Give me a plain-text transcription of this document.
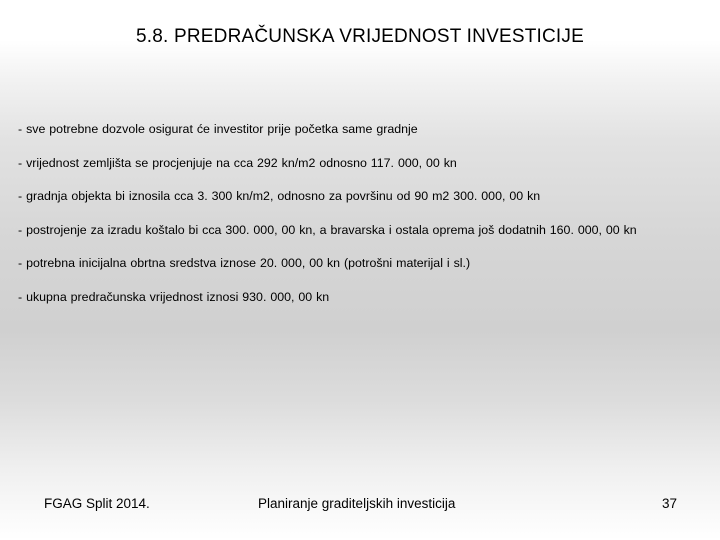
5.8. PREDRAČUNSKA VRIJEDNOST INVESTICIJE
- sve potrebne dozvole osigurat će investitor prije početka same gradnje
- vrijednost zemljišta se procjenjuje na cca 292 kn/m2 odnosno 117. 000, 00 kn
- gradnja objekta bi iznosila cca 3. 300 kn/m2, odnosno za površinu od 90 m2 300. 000, 00 kn
- postrojenje za izradu koštalo bi cca 300. 000, 00 kn, a bravarska i ostala oprema još dodatnih 160. 000, 00 kn
- potrebna inicijalna obrtna sredstva iznose 20. 000, 00 kn (potrošni materijal i sl.)
- ukupna predračunska vrijednost iznosi 930. 000, 00 kn
FGAG Split 2014.	Planiranje graditeljskih investicija	37
